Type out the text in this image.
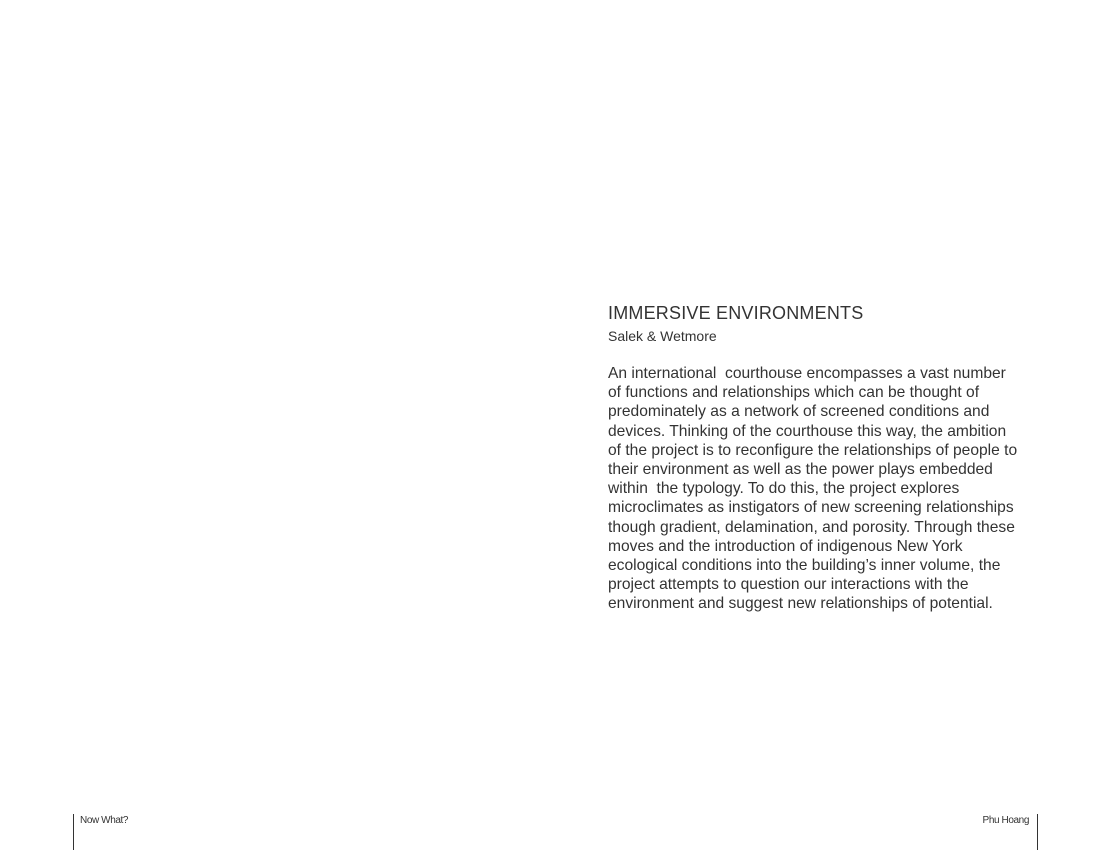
IMMERSIVE ENVIRONMENTS
Salek & Wetmore
An international  courthouse encompasses a vast number
of functions and relationships which can be thought of
predominately as a network of screened conditions and
devices. Thinking of the courthouse this way, the ambition
of the project is to reconfigure the relationships of people to
their environment as well as the power plays embedded
within  the typology. To do this, the project explores
microclimates as instigators of new screening relationships
though gradient, delamination, and porosity. Through these
moves and the introduction of indigenous New York
ecological conditions into the building’s inner volume, the
project attempts to question our interactions with the
environment and suggest new relationships of potential.
Now What?	Phu Hoang
